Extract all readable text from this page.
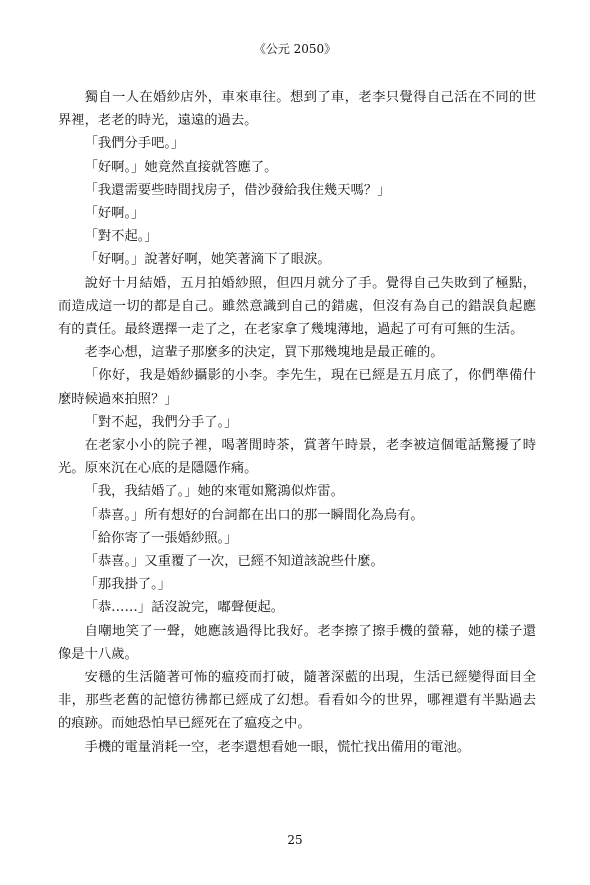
《公元 2050》

獨自一人在婚紗店外，車來車往。想到了車，老李只覺得自己活在不同的世界裡，老老的時光，遠遠的過去。

「我們分手吧。」

「好啊。」她竟然直接就答應了。

「我還需要些時間找房子，借沙發給我住幾天嗎？」

「好啊。」

「對不起。」

「好啊。」說著好啊，她笑著滴下了眼淚。

說好十月結婚，五月拍婚紗照，但四月就分了手。覺得自己失敗到了極點，而造成這一切的都是自己。雖然意識到自己的錯處，但沒有為自己的錯誤負起應有的責任。最終選擇一走了之，在老家拿了幾塊薄地，過起了可有可無的生活。

老李心想，這輩子那麼多的決定，買下那幾塊地是最正確的。

「你好，我是婚紗攝影的小李。李先生，現在已經是五月底了，你們準備什麼時候過來拍照？」

「對不起，我們分手了。」

在老家小小的院子裡，喝著閒時茶，賞著午時景，老李被這個電話驚擾了時光。原來沉在心底的是隱隱作痛。

「我，我結婚了。」她的來電如驚鴻似炸雷。

「恭喜。」所有想好的台詞都在出口的那一瞬間化為烏有。

「給你寄了一張婚紗照。」

「恭喜。」又重覆了一次，已經不知道該說些什麼。

「那我掛了。」

「恭……」話沒說完，嘟聲便起。

自嘲地笑了一聲，她應該過得比我好。老李擦了擦手機的螢幕，她的樣子還像是十八歲。

安穩的生活隨著可怖的瘟疫而打破，隨著深藍的出現，生活已經變得面目全非，那些老舊的記憶彷彿都已經成了幻想。看看如今的世界，哪裡還有半點過去的痕跡。而她恐怕早已經死在了瘟疫之中。

手機的電量消耗一空，老李還想看她一眼，慌忙找出備用的電池。

25
